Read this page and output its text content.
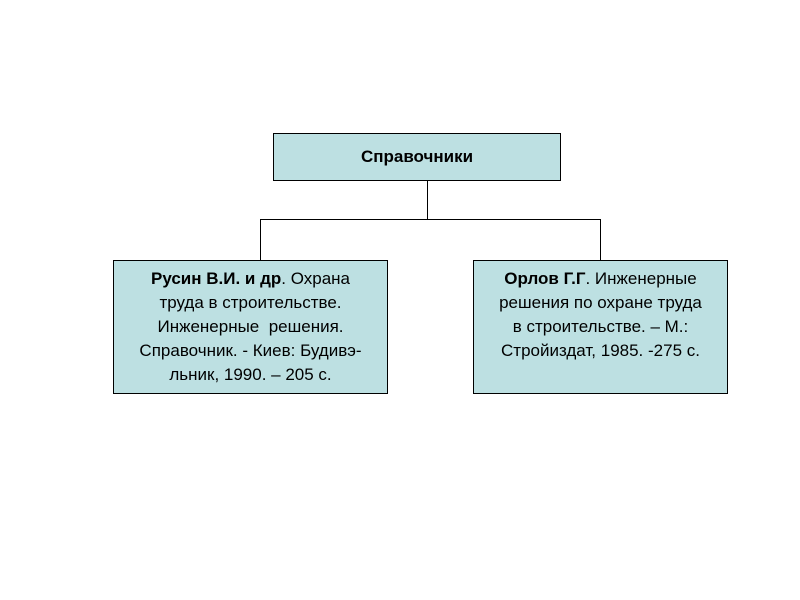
Справочники
Русин В.И. и др. Охрана
труда в строительстве.
Инженерные  решения.
Справочник. - Киев: Будивэ-
льник, 1990. – 205 с.
Орлов Г.Г. Инженерные
решения по охране труда
в строительстве. – М.:
Стройиздат, 1985. -275 с.
